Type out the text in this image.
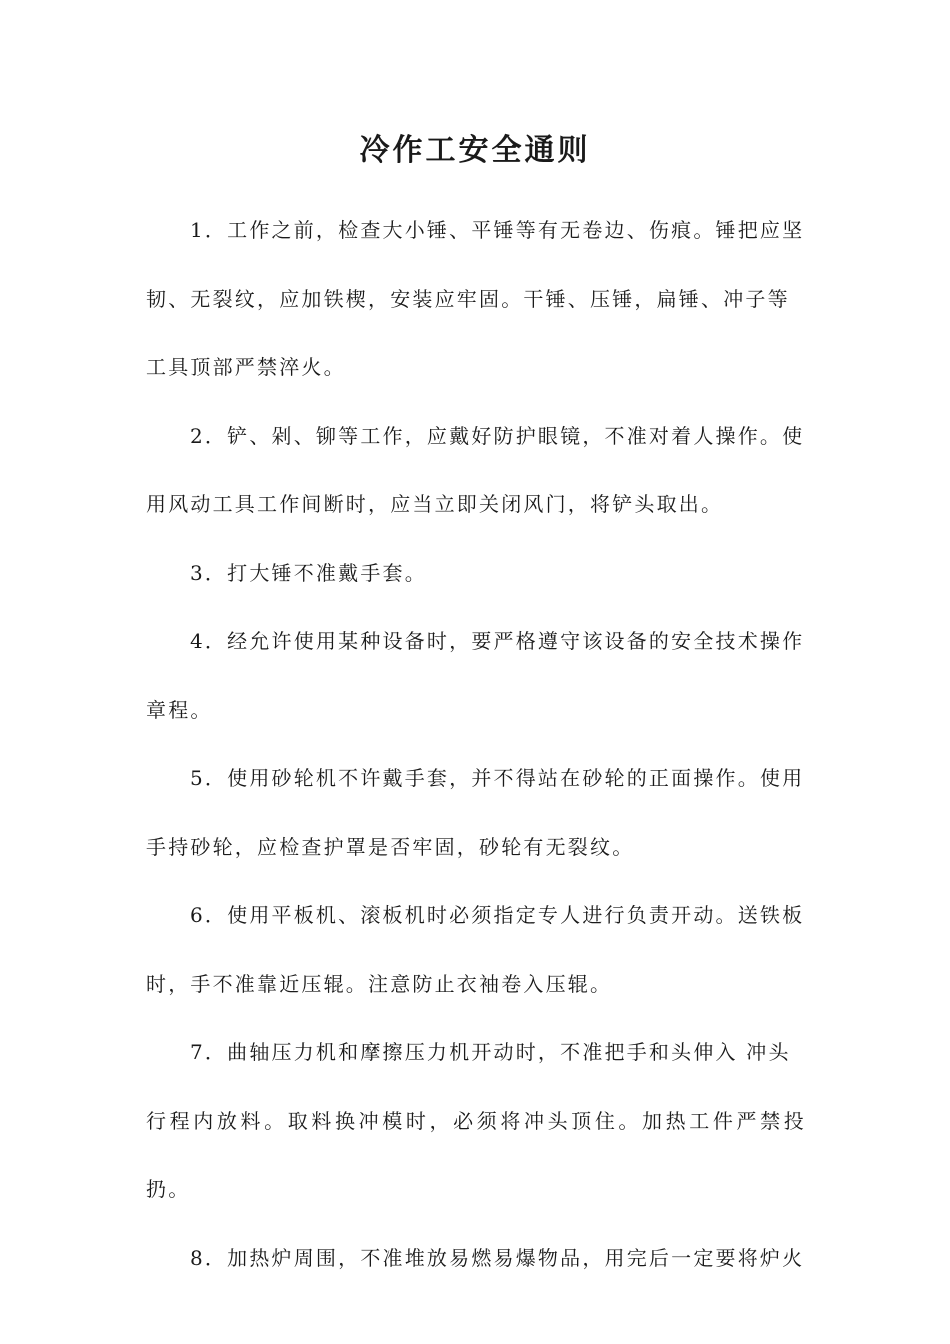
冷作工安全通则

1．工作之前，检查大小锤、平锤等有无卷边、伤痕。锤把应坚
韧、无裂纹，应加铁楔，安装应牢固。干锤、压锤，扁锤、冲子等
工具顶部严禁淬火。

2．铲、剁、铆等工作，应戴好防护眼镜，不准对着人操作。使
用风动工具工作间断时，应当立即关闭风门，将铲头取出。

3．打大锤不准戴手套。

4．经允许使用某种设备时，要严格遵守该设备的安全技术操作
章程。

5．使用砂轮机不许戴手套，并不得站在砂轮的正面操作。使用
手持砂轮，应检查护罩是否牢固，砂轮有无裂纹。

6．使用平板机、滚板机时必须指定专人进行负责开动。送铁板
时，手不准靠近压辊。注意防止衣袖卷入压辊。

7．曲轴压力机和摩擦压力机开动时，不准把手和头伸入 冲头
行程内放料。取料换冲模时，必须将冲头顶住。加热工件严禁投扔。

8．加热炉周围，不准堆放易燃易爆物品，用完后一定要将炉火
